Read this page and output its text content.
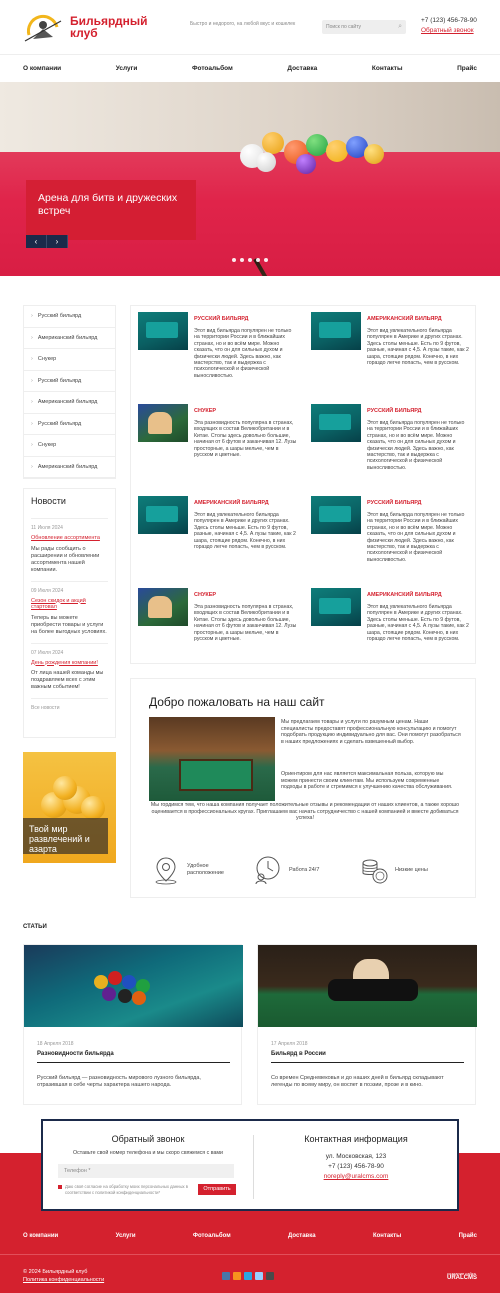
Бильярдный клуб
Быстро и недорого, на любой вкус и кошелек	Поиск по сайту	⌕
+7 (123) 456-78-90
Обратный звонок
О компании	Услуги	Фотоальбом	Доставка	Контакты	Прайс
Арена для битв и дружеских встреч
‹	›
› Русский бильярд
› Американский бильярд
› Снукер
› Русский бильярд
› Американский бильярд
› Русский бильярд
› Снукер
› Американский бильярд
Новости
11 Июля 2024
Обновление ассортимента
Мы рады сообщить о расширении и обновлении ассортимента нашей компании.
09 Июля 2024
Сезон скидок и акций стартовал
Теперь вы можете приобрести товары и услуги на более выгодных условиях.
07 Июля 2024
День рождения компании!
От лица нашей команды мы поздравляем всех с этим важным событием!
Все новости
Твой мир развлечений и азарта
РУССКИЙ БИЛЬЯРД
Этот вид бильярда популярен не только на территории России и в ближайших странах, но и во всём мире. Можно сказать, что он для сильных духом и физически людей. Здесь важно, как мастерство, так и выдержка с психологической и физической выносливостью.
АМЕРИКАНСКИЙ БИЛЬЯРД
Этот вид увлекательного бильярда популярен в Америке и других странах. Здесь столы меньше. Есть по 9 футов, разные, начиная с 4,5. А лузы такие, как 2 шара, стоящие рядом. Конечно, в них гораздо легче попасть, чем в русском.
СНУКЕР
Эта разновидность популярна в странах, входящих в состав Великобритании и в Китае. Столы здесь довольно большие, начиная от 6 футов и заканчивая 12. Лузы просторные, а шары мельче, чем в русском и цветные.
РУССКИЙ БИЛЬЯРД
Этот вид бильярда популярен не только на территории России и в ближайших странах, но и во всём мире. Можно сказать, что он для сильных духом и физически людей. Здесь важно, как мастерство, так и выдержка с психологической и физической выносливостью.
АМЕРИКАНСКИЙ БИЛЬЯРД
Этот вид увлекательного бильярда популярен в Америке и других странах. Здесь столы меньше. Есть по 9 футов, разные, начиная с 4,5. А лузы такие, как 2 шара, стоящие рядом. Конечно, в них гораздо легче попасть, чем в русском.
РУССКИЙ БИЛЬЯРД
Этот вид бильярда популярен не только на территории России и в ближайших странах, но и во всём мире. Можно сказать, что он для сильных духом и физически людей. Здесь важно, как мастерство, так и выдержка с психологической и физической выносливостью.
СНУКЕР
Эта разновидность популярна в странах, входящих в состав Великобритании и в Китае. Столы здесь довольно большие, начиная от 6 футов и заканчивая 12. Лузы просторные, а шары мельче, чем в русском и цветные.
АМЕРИКАНСКИЙ БИЛЬЯРД
Этот вид увлекательного бильярда популярен в Америке и других странах. Здесь столы меньше. Есть по 9 футов, разные, начиная с 4,5. А лузы такие, как 2 шара, стоящие рядом. Конечно, в них гораздо легче попасть, чем в русском.
Добро пожаловать на наш сайт
Мы предлагаем товары и услуги по разумным ценам. Наши специалисты предоставят профессиональную консультацию и помогут подобрать продукцию индивидуально для вас. Они помогут разобраться в наших предложениях и сделать взвешенный выбор.
Ориентиром для нас является максимальная польза, которую мы можем принести своим клиентам. Мы используем современные подходы в работе и стремимся к улучшению качества обслуживания.
Мы гордимся тем, что наша компания получает положительные отзывы и рекомендации от наших клиентов, а также хорошо оценивается в профессиональных кругах. Приглашаем вас начать сотрудничество с нашей компанией и вместе добиваться успеха!
Удобное расположение
Работа 24/7	Низкие цены
СТАТЬИ
18 Апреля 2018
Разновидности бильярда
Русский бильярд — разновидность мирового лузного бильярда, отразившая в себе черты характера нашего народа.
17 Апреля 2018
Бильярд в России
Со времен Средневековья и до наших дней в бильярд складывают легенды по всему миру, он воспет в поэзии, прозе и в кино.
Обратный звонок
Оставьте свой номер телефона и мы скоро свяжемся с вами
Телефон *
Даю своё согласие на обработку моих персональных данных в соответствии с политикой конфиденциальности*	Отправить
Контактная информация
ул. Московская, 123
+7 (123) 456-78-90
noreply@uralcms.com
О компании	Услуги	Фотоальбом	Доставка	Контакты	Прайс
© 2024 Бильярдный клуб
Политика конфиденциальности
создание сайта
URALCMS
